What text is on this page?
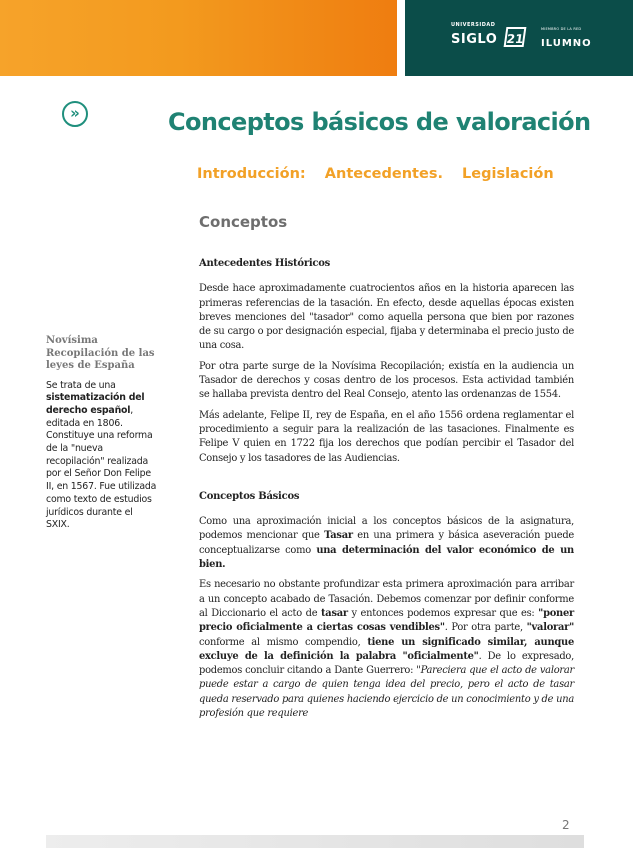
UNIVERSIDAD
SIGLO 21
MIEMBRO DE LA RED
ILUMNO
»	Conceptos básicos de valoración
Introducción: Antecedentes. Legislación
Conceptos

Novísima Recopilación de las leyes de España

Se trata de una sistematización del derecho español, editada en 1806. Constituye una reforma de la "nueva recopilación" realizada por el Señor Don Felipe II, en 1567. Fue utilizada como texto de estudios jurídicos durante el SXIX.

Antecedentes Históricos

Desde hace aproximadamente cuatrocientos años en la historia aparecen las primeras referencias de la tasación. En efecto, desde aquellas épocas existen breves menciones del "tasador" como aquella persona que bien por razones de su cargo o por designación especial, fijaba y determinaba el precio justo de una cosa.

Por otra parte surge de la Novísima Recopilación; existía en la audiencia un Tasador de derechos y cosas dentro de los procesos. Esta actividad también se hallaba prevista dentro del Real Consejo, atento las ordenanzas de 1554.

Más adelante, Felipe II, rey de España, en el año 1556 ordena reglamentar el procedimiento a seguir para la realización de las tasaciones. Finalmente es Felipe V quien en 1722 fija los derechos que podían percibir el Tasador del Consejo y los tasadores de las Audiencias.

Conceptos Básicos

Como una aproximación inicial a los conceptos básicos de la asignatura, podemos mencionar que Tasar en una primera y básica aseveración puede conceptualizarse como una determinación del valor económico de un bien.

Es necesario no obstante profundizar esta primera aproximación para arribar a un concepto acabado de Tasación. Debemos comenzar por definir conforme al Diccionario el acto de tasar y entonces podemos expresar que es: "poner precio oficialmente a ciertas cosas vendibles". Por otra parte, "valorar" conforme al mismo compendio, tiene un significado similar, aunque excluye de la definición la palabra "oficialmente". De lo expresado, podemos concluir citando a Dante Guerrero: "Pareciera que el acto de valorar puede estar a cargo de quien tenga idea del precio, pero el acto de tasar queda reservado para quienes haciendo ejercicio de un conocimiento y de una profesión que requiere

2
